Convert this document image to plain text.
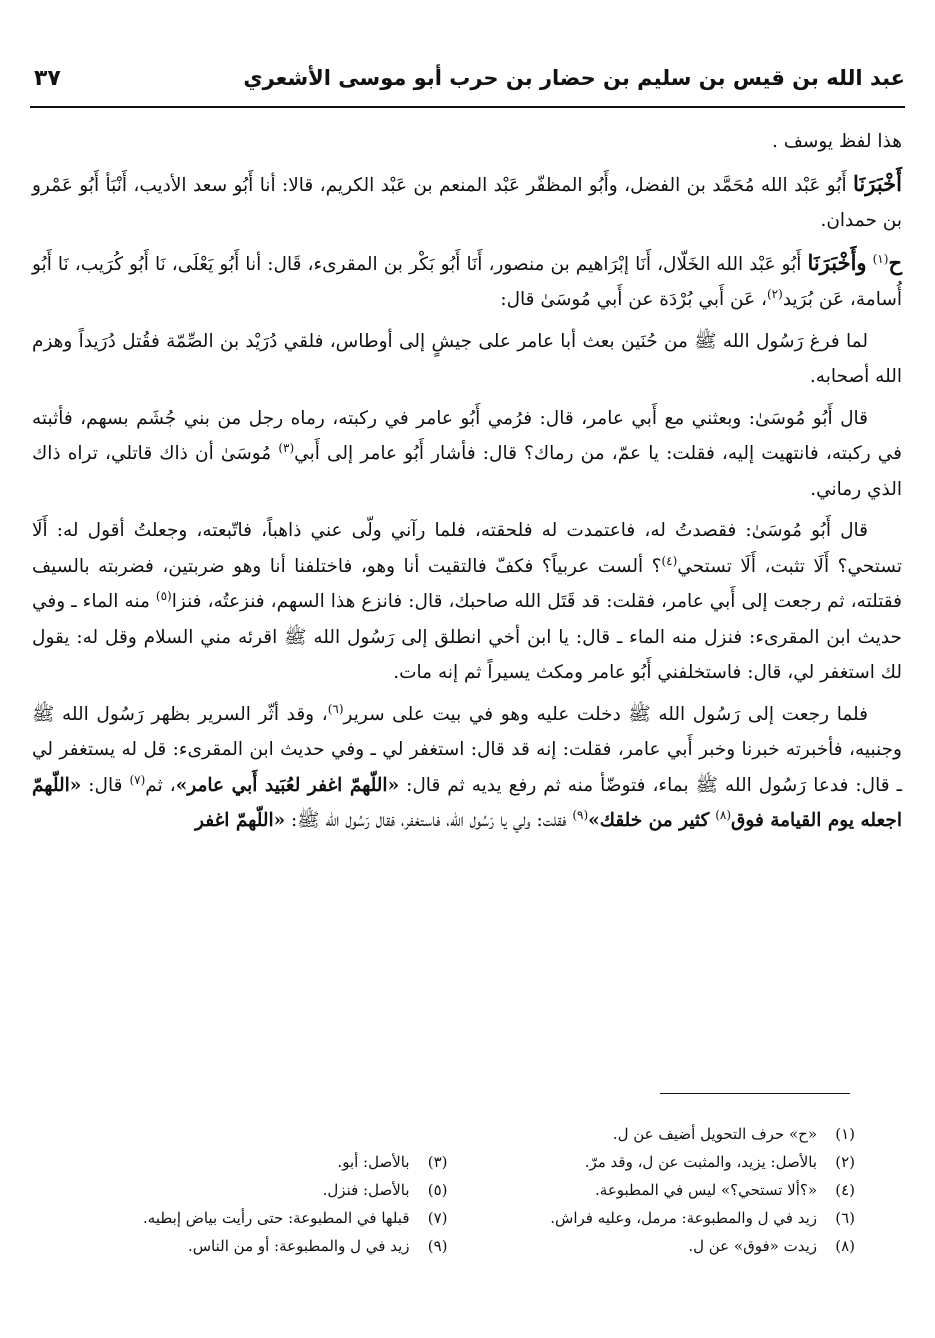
عبد الله بن قيس بن سليم بن حضار بن حرب أبو موسى الأشعري
٣٧

هذا لفظ يوسف .

أَخْبَرَنَا أَبُو عَبْد الله مُحَمَّد بن الفضل، وأَبُو المظفّر عَبْد المنعم بن عَبْد الكريم، قالا: أنا أَبُو سعد الأديب، أَنْبَأ أَبُو عَمْرو بن حمدان.

ح$^{(١)}$ وأَخْبَرَنَا أَبُو عَبْد الله الخَلّال، أَنَا إبْرَاهيم بن منصور، أَنَا أَبُو بَكْر بن المقرىء، قَال: أنا أَبُو يَعْلَى، نَا أَبُو كُرَيب، نَا أَبُو أُسامة، عَن بُرَيد$^{(٢)}$، عَن أَبي بُرْدَة عن أَبي مُوسَىٰ قال:

لما فرغ رَسُول الله ﷺ من حُنَين بعث أبا عامر على جيشٍ إلى أوطاس، فلقي دُرَيْد بن الصِّمّة فقُتل دُرَيداً وهزم الله أصحابه.

قال أَبُو مُوسَىٰ: وبعثني مع أَبي عامر، قال: فرُمي أَبُو عامر في ركبته، رماه رجل من بني جُشَم بسهم، فأثبته في ركبته، فانتهيت إليه، فقلت: يا عمّ، من رماك؟ قال: فأشار أَبُو عامر إلى أَبي$^{(٣)}$ مُوسَىٰ أن ذاك قاتلي، تراه ذاك الذي رماني.

قال أَبُو مُوسَىٰ: فقصدتُ له، فاعتمدت له فلحقته، فلما رآني ولّى عني ذاهباً، فاتّبعته، وجعلتُ أقول له: أَلَا تستحي؟ أَلَا تثبت، أَلَا تستحي$^{(٤)}$؟ ألست عربياً؟ فكفّ فالتقيت أنا وهو، فاختلفنا أنا وهو ضربتين، فضربته بالسيف فقتلته، ثم رجعت إلى أَبي عامر، فقلت: قد قَتَل الله صاحبك، قال: فانزع هذا السهم، فنزعتُه، فنزا$^{(٥)}$ منه الماء ـ وفي حديث ابن المقرىء: فنزل منه الماء ـ قال: يا ابن أخي انطلق إلى رَسُول الله ﷺ اقرئه مني السلام وقل له: يقول لك استغفر لي، قال: فاستخلفني أَبُو عامر ومكث يسيراً ثم إنه مات.

فلما رجعت إلى رَسُول الله ﷺ دخلت عليه وهو في بيت على سرير$^{(٦)}$، وقد أثّر السرير بظهر رَسُول الله ﷺ وجنبيه، فأخبرته خبرنا وخبر أَبي عامر، فقلت: إنه قد قال: استغفر لي ـ وفي حديث ابن المقرىء: قل له يستغفر لي ـ قال: فدعا رَسُول الله ﷺ بماء، فتوضّأ منه ثم رفع يديه ثم قال: «اللّهمّ اغفر لعُبَيد أَبي عامر»، ثم$^{(٧)}$ قال: «اللّهمّ اجعله يوم القيامة فوق$^{(٨)}$ كثير من خلقك»$^{(٩)}$ فقلت: ولي يا رَسُول الله، فاستغفر، فقال رَسُول الله ﷺ: «اللّهمّ اغفر

(١)«ح» حرف التحويل أضيف عن ل.
(٢)بالأصل: يزيد، والمثبت عن ل، وقد مرّ.
(٣)بالأصل: أبو.
(٤)«؟ألا تستحي؟» ليس في المطبوعة.
(٥)بالأصل: فنزل.
(٦)زيد في ل والمطبوعة: مرمل، وعليه فراش.
(٧)قبلها في المطبوعة: حتى رأيت بياض إبطيه.
(٨)زيدت «فوق» عن ل.
(٩)زيد في ل والمطبوعة: أو من الناس.
